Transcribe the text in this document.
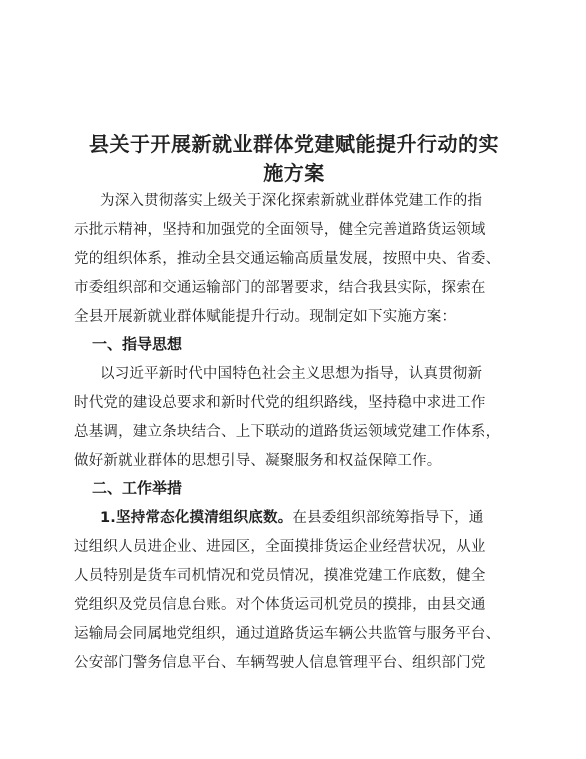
县关于开展新就业群体党建赋能提升行动的实
施方案
为深入贯彻落实上级关于深化探索新就业群体党建工作的指
示批示精神，坚持和加强党的全面领导，健全完善道路货运领域
党的组织体系，推动全县交通运输高质量发展，按照中央、省委、
市委组织部和交通运输部门的部署要求，结合我县实际，探索在
全县开展新就业群体赋能提升行动。现制定如下实施方案：
一、指导思想
以习近平新时代中国特色社会主义思想为指导，认真贯彻新
时代党的建设总要求和新时代党的组织路线，坚持稳中求进工作
总基调，建立条块结合、上下联动的道路货运领域党建工作体系，
做好新就业群体的思想引导、凝聚服务和权益保障工作。
二、工作举措
1.坚持常态化摸清组织底数。在县委组织部统筹指导下，通
过组织人员进企业、进园区，全面摸排货运企业经营状况，从业
人员特别是货车司机情况和党员情况，摸准党建工作底数，健全
党组织及党员信息台账。对个体货运司机党员的摸排，由县交通
运输局会同属地党组织，通过道路货运车辆公共监管与服务平台、
公安部门警务信息平台、车辆驾驶人信息管理平台、组织部门党
